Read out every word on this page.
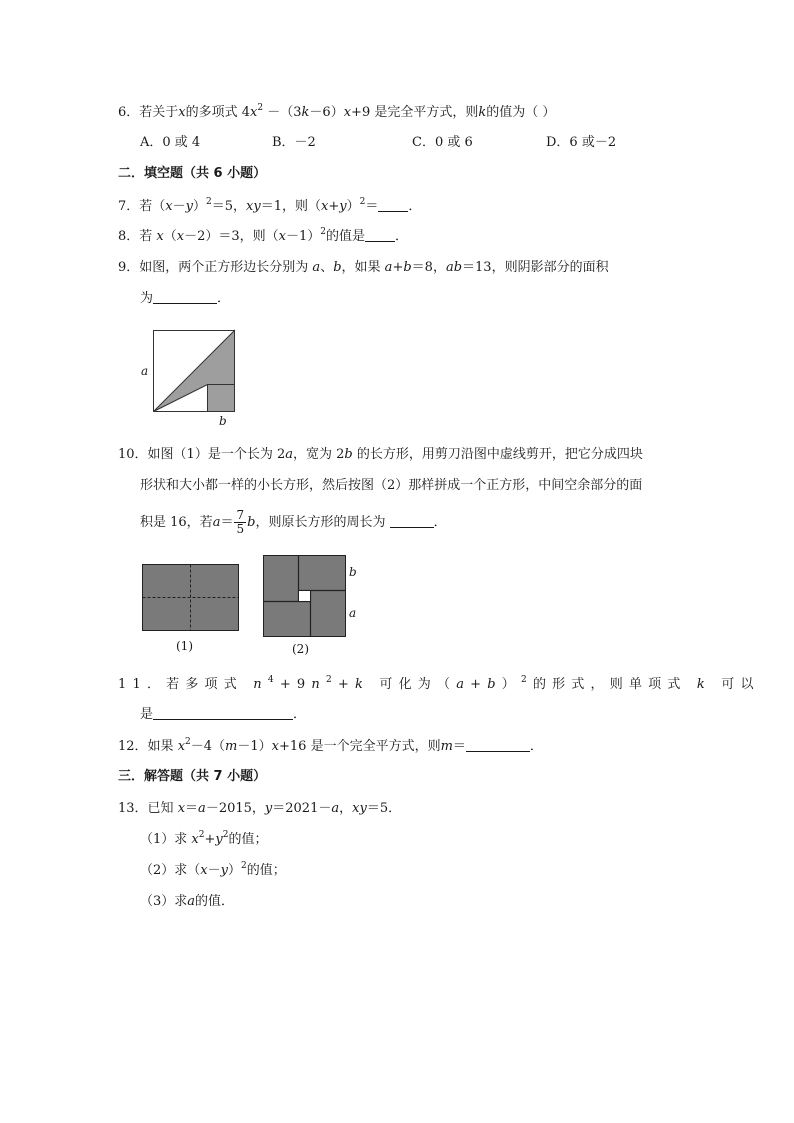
6．若关于x的多项式 $4x^2 -(3k-6)x+9$ 是完全平方式，则k的值为（ ）
A．0 或 4	B．－2	C．0 或 6	D．6 或－2
二．填空题（共 6 小题）
7．若$(x-y)^2=5$，xy＝1，则$(x+y)^2=$ ．
8．若 x（x－2）＝3，则$(x-1)^2$的值是 ．
9．如图，两个正方形边长分别为 a、b，如果 a+b＝8，ab＝13，则阴影部分的面积
为	．
a
b
10．如图（1）是一个长为 2a，宽为 2b 的长方形，用剪刀沿图中虚线剪开，把它分成四块
形状和大小都一样的小长方形，然后按图（2）那样拼成一个正方形，中间空余部分的面
积是 16，若$a= \frac{7}{5}$ b，则原长方形的周长为	．
(1)	(2)
b
a
11．若多项式 $n^4+9n^2+k$ 可化为$(a+b)^2$的形式，则单项式 k 可以
是	．
12．如果 $x^2-4(m-1)x+16$ 是一个完全平方式，则m＝	．
三．解答题（共 7 小题）
13．已知 x＝a－2015，y＝2021－a，xy＝5．
（1）求 $x^2+y^2$的值；
（2）求$(x-y)^2$的值；
（3）求a的值．
